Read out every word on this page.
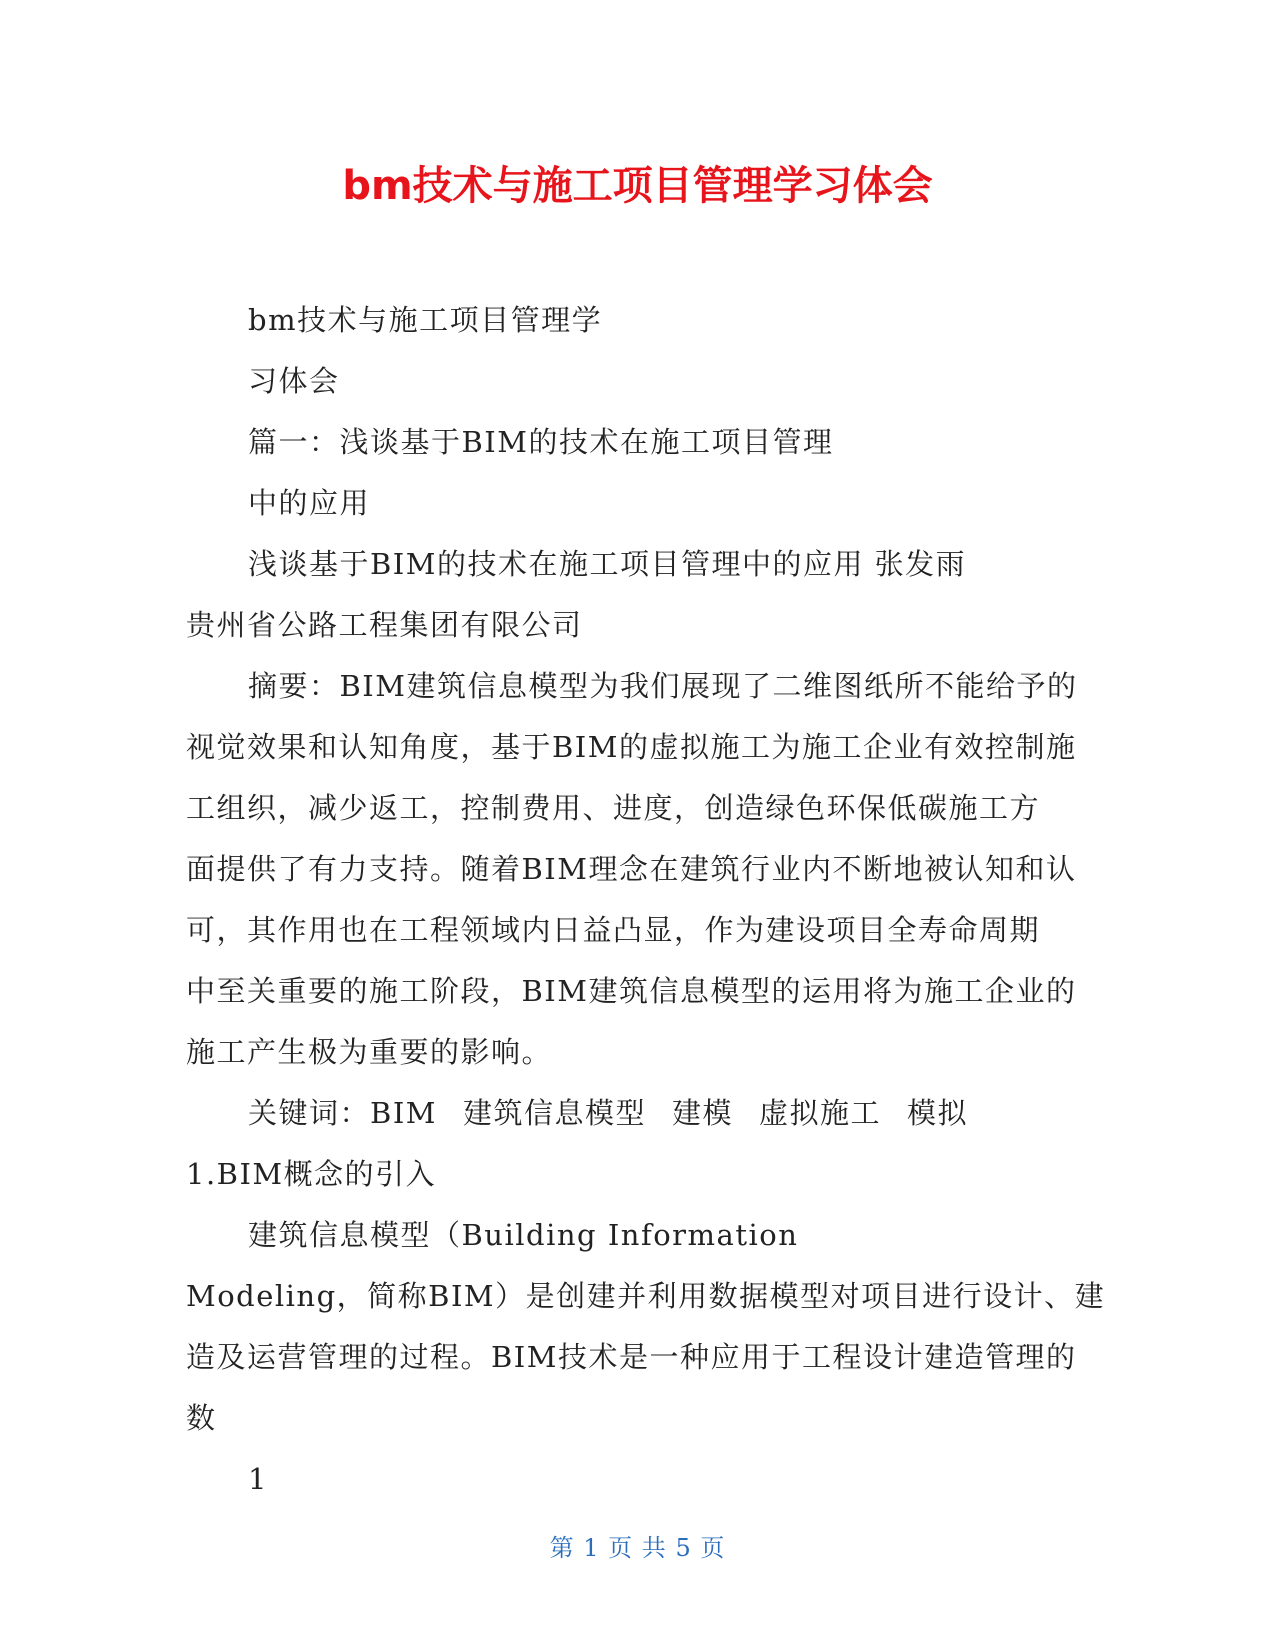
bm技术与施工项目管理学习体会
bm技术与施工项目管理学
习体会
篇一：浅谈基于BIM的技术在施工项目管理
中的应用
浅谈基于BIM的技术在施工项目管理中的应用 张发雨
贵州省公路工程集团有限公司
摘要：BIM建筑信息模型为我们展现了二维图纸所不能给予的
视觉效果和认知角度，基于BIM的虚拟施工为施工企业有效控制施
工组织，减少返工，控制费用、进度，创造绿色环保低碳施工方
面提供了有力支持。随着BIM理念在建筑行业内不断地被认知和认
可，其作用也在工程领域内日益凸显，作为建设项目全寿命周期
中至关重要的施工阶段，BIM建筑信息模型的运用将为施工企业的
施工产生极为重要的影响。
关键词：BIM 建筑信息模型 建模 虚拟施工 模拟
1.BIM概念的引入
建筑信息模型（Building Information
Modeling，简称BIM）是创建并利用数据模型对项目进行设计、建
造及运营管理的过程。BIM技术是一种应用于工程设计建造管理的
数
1
第 1 页 共 5 页
